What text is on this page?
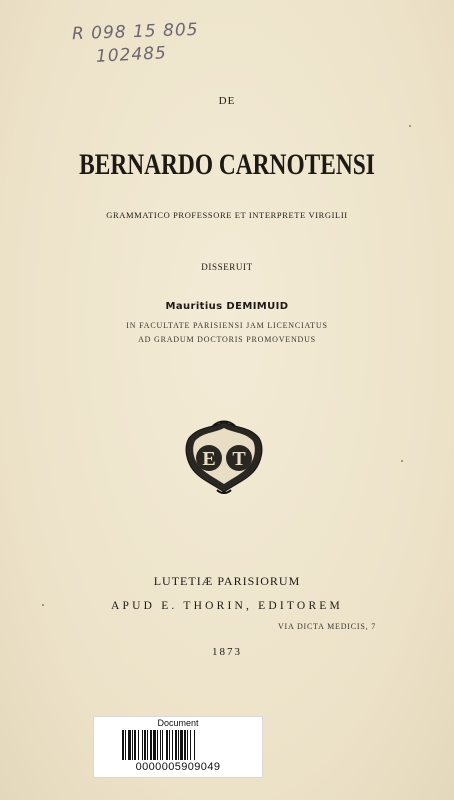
R 098 15 805
102485
DE
BERNARDO CARNOTENSI
GRAMMATICO PROFESSORE ET INTERPRETE VIRGILII
DISSERUIT
Mauritius DEMIMUID
IN FACULTATE PARISIENSI JAM LICENCIATUS
AD GRADUM DOCTORIS PROMOVENDUS
E T
LUTETIÆ PARISIORUM
APUD E. THORIN, EDITOREM
VIA DICTA MEDICIS, 7
1873
Document
0000005909049
